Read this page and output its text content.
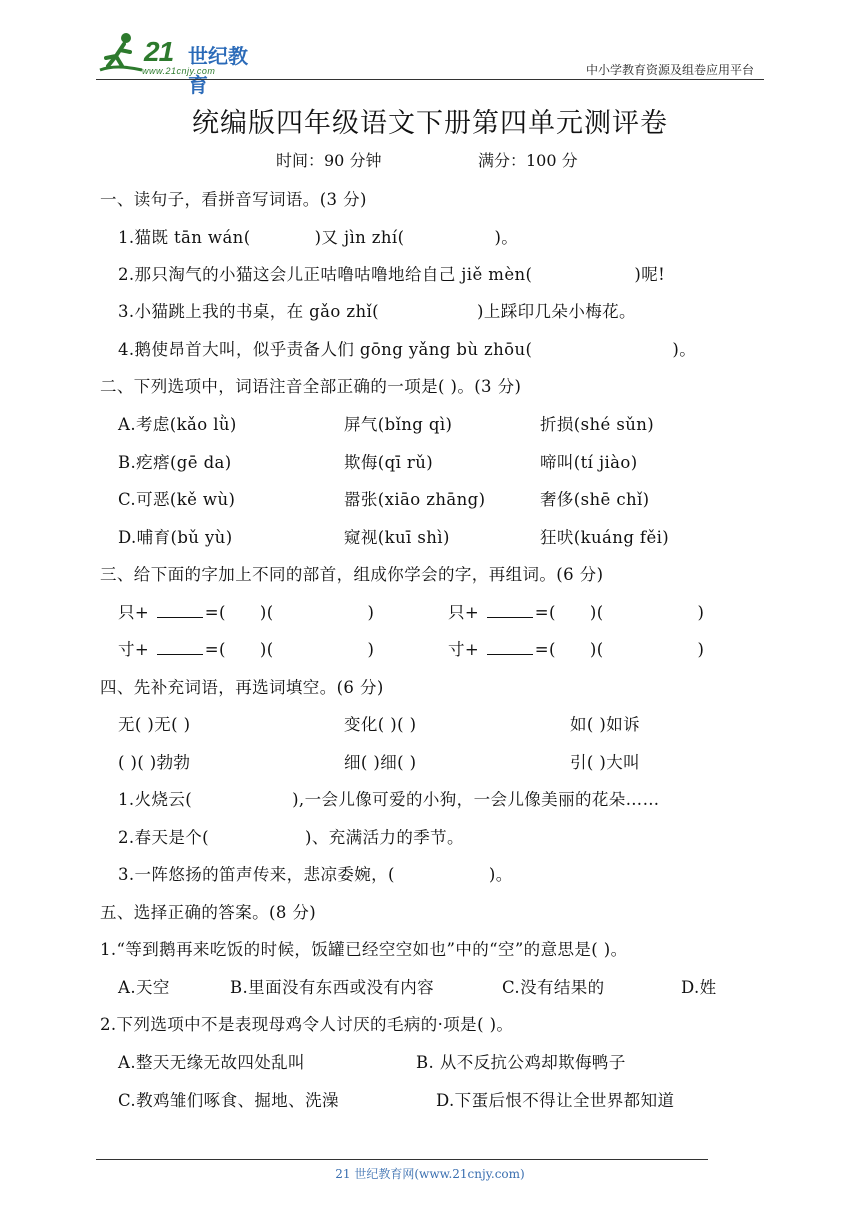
21 世纪教育
www.21cnjy.com	中小学教育资源及组卷应用平台
统编版四年级语文下册第四单元测评卷
时间：90 分钟	满分：100 分
一、读句子，看拼音写词语。(3 分)
1.猫既 tān wán(	)又 jìn zhí(	)。
2.那只淘气的小猫这会儿正咕噜咕噜地给自己 jiě mèn(	)呢!
3.小猫跳上我的书桌，在 gǎo zhǐ(	)上踩印几朵小梅花。
4.鹅使昂首大叫，似乎责备人们 gōng yǎng bù zhōu(	)。
二、下列选项中，词语注音全部正确的一项是( )。(3 分)
A.考虑(kǎo lǜ)	屏气(bǐng qì)	折损(shé sǔn)
B.疙瘩(gē da)	欺侮(qī rǔ)	啼叫(tí jiào)
C.可恶(kě wù)	嚣张(xiāo zhāng)	奢侈(shē chǐ)
D.哺育(bǔ yù)	窥视(kuī shì)	狂吠(kuáng fěi)
三、给下面的字加上不同的部首，组成你学会的字，再组词。(6 分)
只+	=( )(	)	只+	=( )(	)
寸+	=( )(	)	寸+	=( )(	)
四、先补充词语，再选词填空。(6 分)
无( )无( )	变化( )( )	如( )如诉
( )( )勃勃	细( )细( )	引( )大叫
1.火烧云(	),一会儿像可爱的小狗，一会儿像美丽的花朵……
2.春天是个(	)、充满活力的季节。
3.一阵悠扬的笛声传来，悲凉委婉，(	)。
五、选择正确的答案。(8 分)
1.“等到鹅再来吃饭的时候，饭罐已经空空如也”中的“空”的意思是( )。
A.天空	B.里面没有东西或没有内容	C.没有结果的	D.姓
2.下列选项中不是表现母鸡令人讨厌的毛病的·项是( )。
A.整天无缘无故四处乱叫	B. 从不反抗公鸡却欺侮鸭子
C.教鸡雏们啄食、掘地、洗澡	D.下蛋后恨不得让全世界都知道
21 世纪教育网(www.21cnjy.com)
